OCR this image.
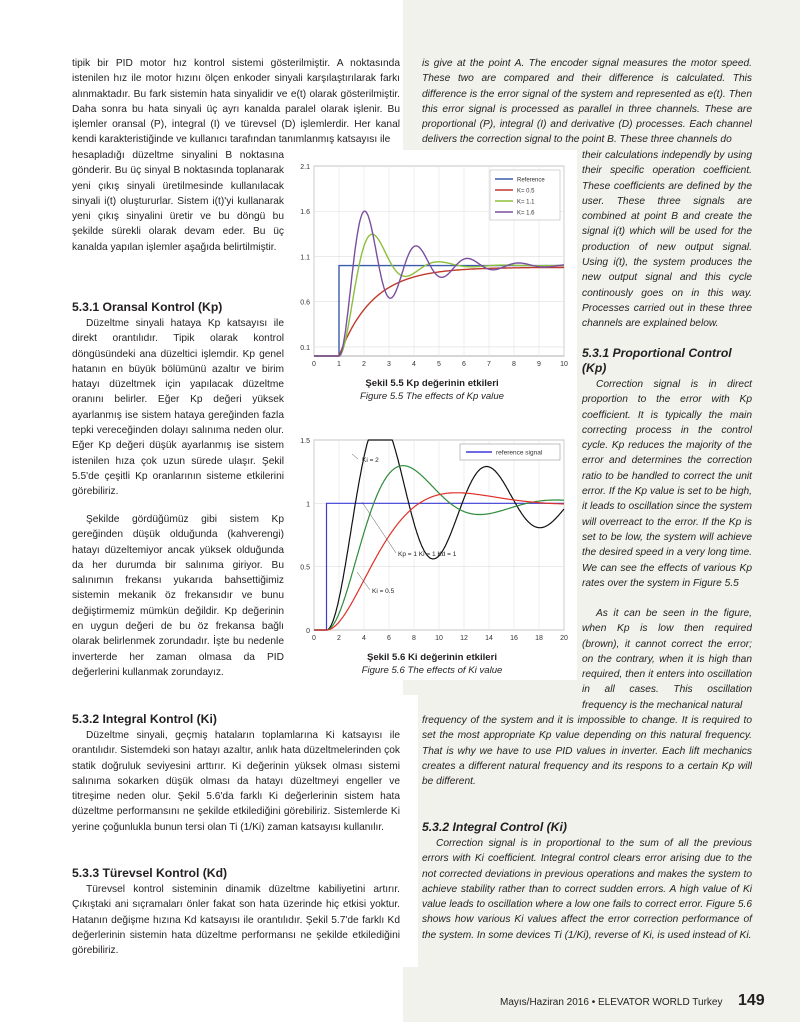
tipik bir PID motor hız kontrol sistemi gösterilmiştir. A noktasında istenilen hız ile motor hızını ölçen enkoder sinyali karşılaştırılarak farkı alınmaktadır. Bu fark sistemin hata sinyalidir ve e(t) olarak gösterilmiştir. Daha sonra bu hata sinyali üç ayrı kanalda paralel olarak işlenir. Bu işlemler oransal (P), integral (I) ve türevsel (D) işlemlerdir. Her kanal kendi karakteristiğinde ve kullanıcı tarafından tanımlanmış katsayısı ile

hesapladığı düzeltme sinyalini B noktasına gönderir. Bu üç sinyal B noktasında toplanarak yeni çıkış sinyali üretilmesinde kullanılacak sinyali i(t) oluştururlar. Sistem i(t)'yi kullanarak yeni çıkış sinyalini üretir ve bu döngü bu şekilde sürekli olarak devam eder. Bu üç kanalda yapılan işlemler aşağıda belirtilmiştir.

5.3.1 Oransal Kontrol (Kp)

Düzeltme sinyali hataya Kp katsayısı ile direkt orantılıdır. Tipik olarak kontrol döngüsündeki ana düzeltici işlemdir. Kp genel hatanın en büyük bölümünü azaltır ve birim hatayı düzeltmek için yapılacak düzeltme oranını belirler. Eğer Kp değeri yüksek ayarlanmış ise sistem hataya gereğinden fazla tepki vereceğinden dolayı salınıma neden olur. Eğer Kp değeri düşük ayarlanmış ise sistem istenilen hıza çok uzun sürede ulaşır. Şekil 5.5'de çeşitli Kp oranlarının sisteme etkilerini görebiliriz.

Şekilde gördüğümüz gibi sistem Kp gereğinden düşük olduğunda (kahverengi) hatayı düzeltemiyor ancak yüksek olduğunda da her durumda bir salınıma giriyor. Bu salınımın frekansı yukarıda bahsettiğimiz sistemin mekanik öz frekansıdır ve bunu değiştirmemiz mümkün değildir. Kp değerinin en uygun değeri de bu öz frekansa bağlı olarak belirlenmek zorundadır. İşte bu nedenle inverterde her zaman olmasa da PID değerlerini kullanmak zorundayız.

5.3.2 Integral Kontrol (Ki)

Düzeltme sinyali, geçmiş hataların toplamlarına Ki katsayısı ile orantılıdır. Sistemdeki son hatayı azaltır, anlık hata düzeltmelerinden çok statik doğruluk seviyesini arttırır. Ki değerinin yüksek olması sistemi salınıma sokarken düşük olması da hatayı düzeltmeyi engeller ve titreşime neden olur. Şekil 5.6'da farklı Ki değerlerinin sistem hata düzeltme performansını ne şekilde etkilediğini görebiliriz. Sistemlerde Ki yerine çoğunlukla bunun tersi olan Ti (1/Ki) zaman katsayısı kullanılır.

5.3.3 Türevsel Kontrol (Kd)

Türevsel kontrol sisteminin dinamik düzeltme kabiliyetini artırır. Çıkıştaki ani sıçramaları önler fakat son hata üzerinde hiç etkisi yoktur. Hatanın değişme hızına Kd katsayısı ile orantılıdır. Şekil 5.7'de farklı Kd değerlerinin sistemin hata düzeltme performansı ne şekilde etkilediğini görebiliriz.

is give at the point A. The encoder signal measures the motor speed. These two are compared and their difference is calculated. This difference is the error signal of the system and represented as e(t). Then this error signal is processed as parallel in three channels. These are proportional (P), integral (I) and derivative (D) processes. Each channel delivers the correction signal to the point B. These three channels do

their calculations independly by using their specific operation coefficient. These coefficients are defined by the user. These three signals are combined at point B and create the signal i(t) which will be used for the production of new output signal. Using i(t), the system produces the new output signal and this cycle continously goes on in this way. Processes carried out in these three channels are explained below.

5.3.1 Proportional Control (Kp)

Correction signal is in direct proportion to the error with Kp coefficient. It is typically the main correcting process in the control cycle. Kp reduces the majority of the error and determines the correction ratio to be handled to correct the unit error. If the Kp value is set to be high, it leads to oscillation since the system will overreact to the error. If the Kp is set to be low, the system will achieve the desired speed in a very long time. We can see the effects of various Kp rates over the system in Figure 5.5

As it can be seen in the figure, when Kp is low then required (brown), it cannot correct the error; on the contrary, when it is high than required, then it enters into oscillation in all cases. This oscillation frequency is the mechanical natural

frequency of the system and it is impossible to change. It is required to set the most appropriate Kp value depending on this natural frequency. That is why we have to use PID values in inverter. Each lift mechanics creates a different natural frequency and its respons to a certain Kp will be different.

5.3.2 Integral Control (Ki)

Correction signal is in proportional to the sum of all the previous errors with Ki coefficient. Integral control clears error arising due to the not corrected deviations in previous operations and makes the system to achieve stability rather than to correct sudden errors. A high value of Ki value leads to oscillation where a low one fails to correct error. Figure 5.6 shows how various Ki values affect the error correction performance of the system. In some devices Ti (1/Ki), reverse of Ki, is used instead of Ki.

0.1
0.6
1.1
1.6
2.1
0	1	2	3	4	5	6	7	8	9	10
Reference
K= 0.5
K= 1.1
K= 1.6
Şekil 5.5 Kp değerinin etkileri
Figure 5.5 The effects of Kp value
0
0.5
1
1.5
0	2	4	6	8	10 12 14 16 18 20
reference signal
Ki = 2
Kp = 1 Ki = 1 Kd = 1
Ki = 0.5
Şekil 5.6 Ki değerinin etkileri
Figure 5.6 The effects of Ki value
Mayıs/Haziran 2016 • ELEVATOR WORLD Turkey 149
